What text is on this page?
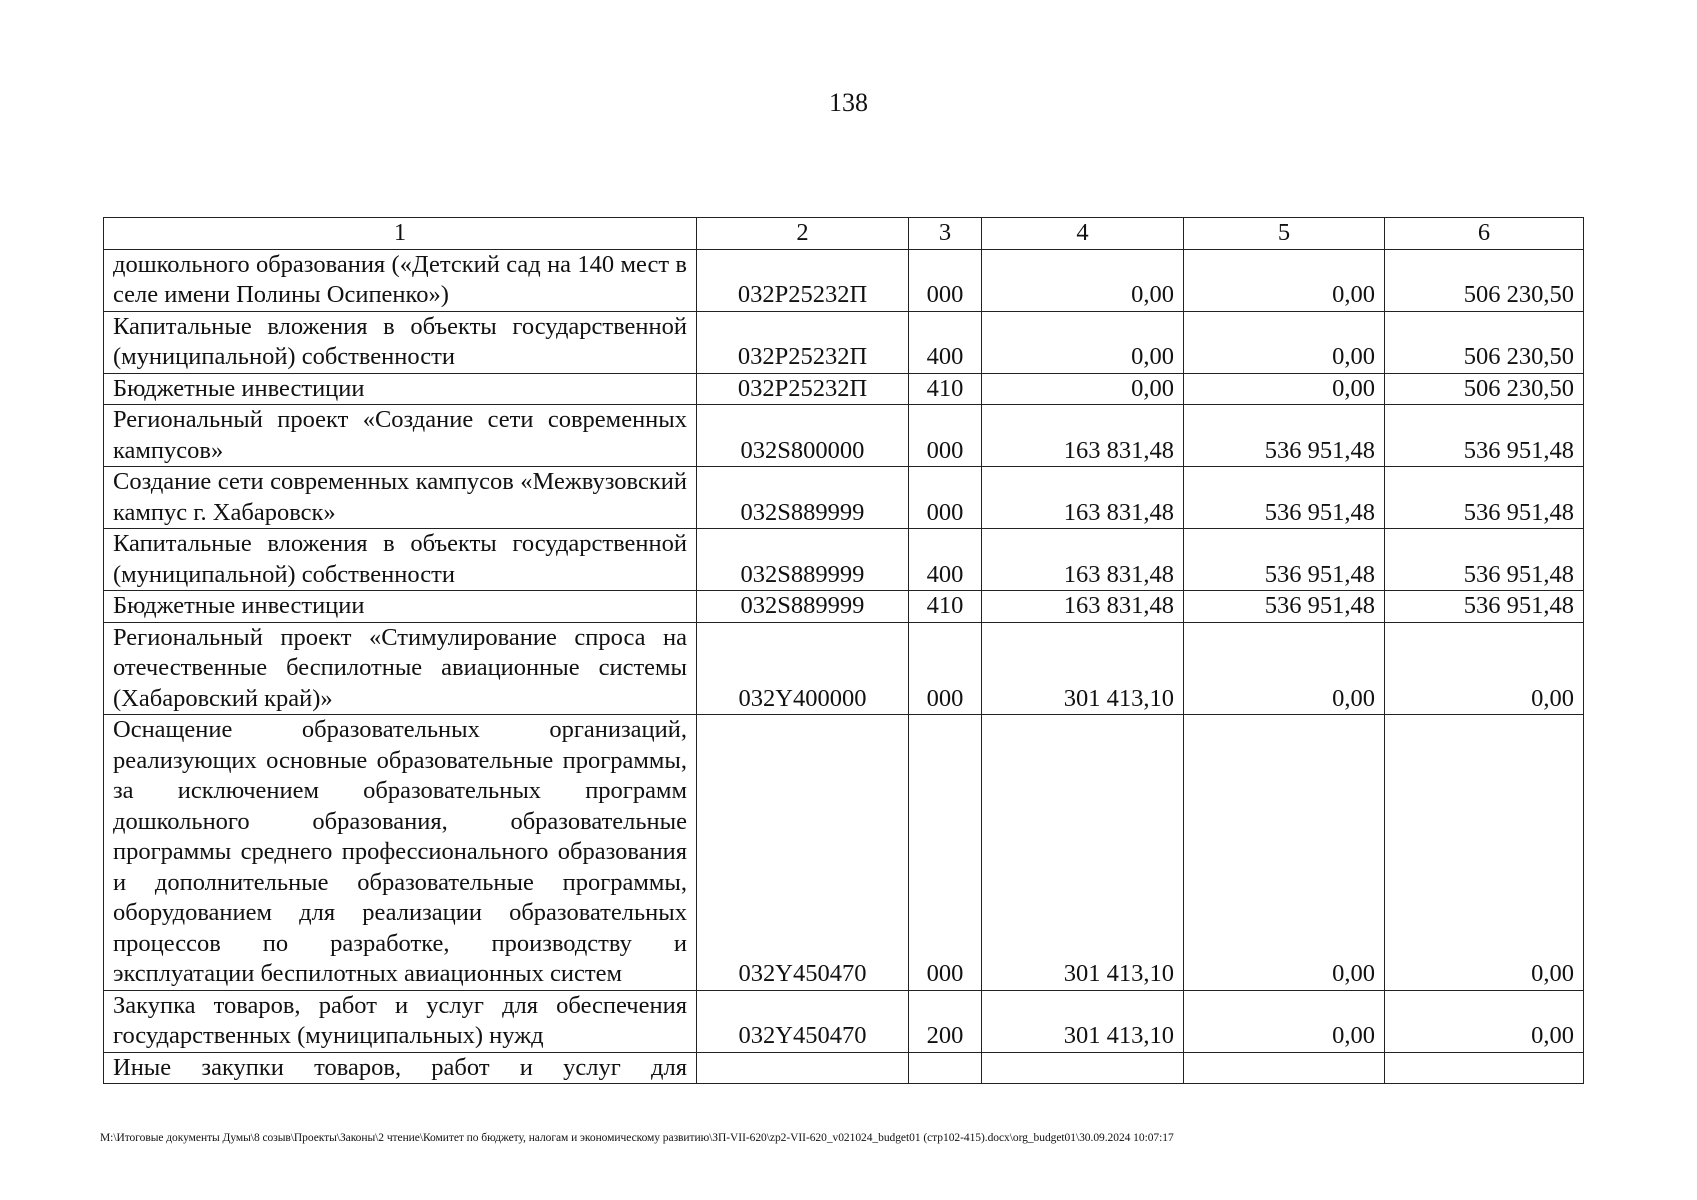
138
1	2	3	4	5	6
дошкольного образования («Детский сад на 140 мест в селе имени Полины Осипенко»)	032P25232П	000	0,00	0,00	506 230,50
Капитальные вложения в объекты государственной (муниципальной) собственности	032P25232П	400	0,00	0,00	506 230,50
Бюджетные инвестиции	032P25232П	410	0,00	0,00	506 230,50
Региональный проект «Создание сети современных кампусов»	032S800000	000	163 831,48	536 951,48	536 951,48
Создание сети современных кампусов «Межвузовский кампус г. Хабаровск»	032S889999	000	163 831,48	536 951,48	536 951,48
Капитальные вложения в объекты государственной (муниципальной) собственности	032S889999	400	163 831,48	536 951,48	536 951,48
Бюджетные инвестиции	032S889999	410	163 831,48	536 951,48	536 951,48
Региональный проект «Стимулирование спроса на отечественные беспилотные авиационные системы (Хабаровский край)»	032Y400000	000	301 413,10	0,00	0,00
Оснащение образовательных организаций, реализующих основные образовательные программы, за исключением образовательных программ дошкольного образования, образовательные программы среднего профессионального образования и дополнительные образовательные программы, оборудованием для реализации образовательных процессов по разработке, производству и эксплуатации беспилотных авиационных систем	032Y450470	000	301 413,10	0,00	0,00
Закупка товаров, работ и услуг для обеспечения государственных (муниципальных) нужд	032Y450470	200	301 413,10	0,00	0,00
Иные закупки товаров, работ и услуг для					
M:\Итоговые документы Думы\8 созыв\Проекты\Законы\2 чтение\Комитет по бюджету, налогам и экономическому развитию\ЗП-VII-620\zp2-VII-620_v021024_budget01 (стр102-415).docx\org_budget01\30.09.2024 10:07:17
